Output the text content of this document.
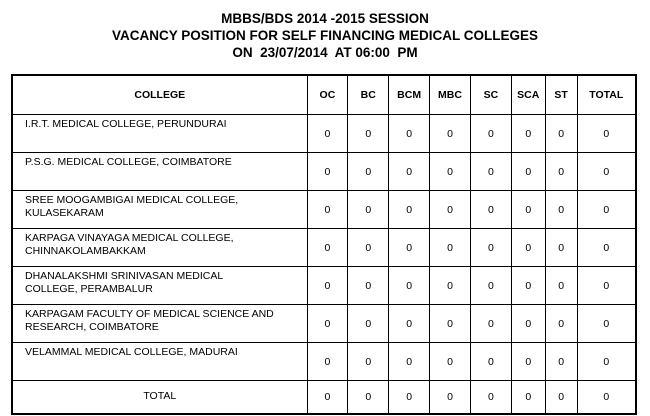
MBBS/BDS 2014 -2015 SESSION
VACANCY POSITION FOR SELF FINANCING MEDICAL COLLEGES
ON  23/07/2014  AT 06:00  PM
COLLEGE	OC	BC	BCM	MBC	SC	SCA	ST	TOTAL

I.R.T. MEDICAL COLLEGE, PERUNDURAI	0	0	0	0	0	0	0	0

P.S.G. MEDICAL COLLEGE, COIMBATORE	0	0	0	0	0	0	0	0

SREE MOOGAMBIGAI MEDICAL COLLEGE,
KULASEKARAM	0	0	0	0	0	0	0	0

KARPAGA VINAYAGA MEDICAL COLLEGE,
CHINNAKOLAMBAKKAM	0	0	0	0	0	0	0	0

DHANALAKSHMI SRINIVASAN MEDICAL
COLLEGE, PERAMBALUR	0	0	0	0	0	0	0	0

KARPAGAM FACULTY OF MEDICAL SCIENCE AND
RESEARCH, COIMBATORE	0	0	0	0	0	0	0	0

VELAMMAL MEDICAL COLLEGE, MADURAI	0	0	0	0	0	0	0	0
TOTAL	0	0	0	0	0	0	0	0
